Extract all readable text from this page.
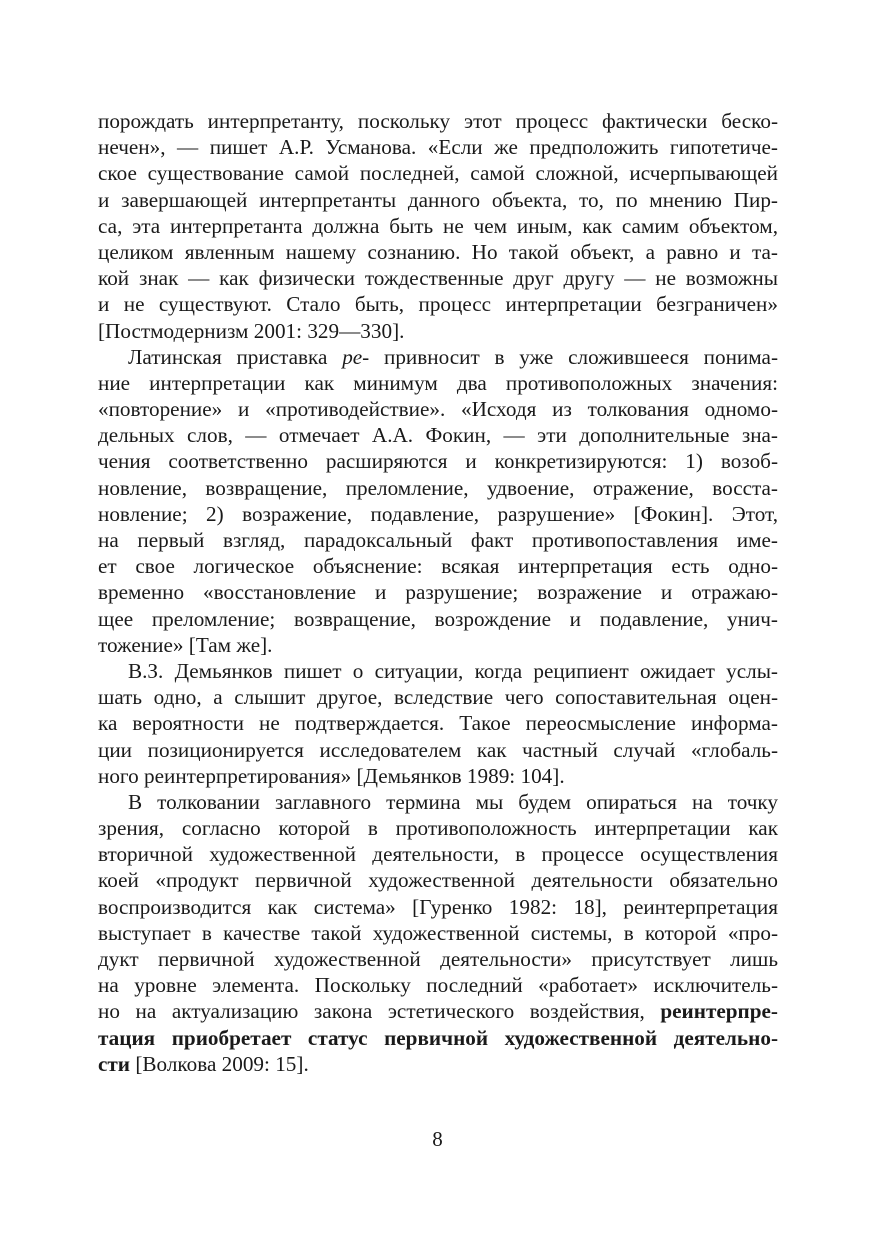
порождать интерпретанту, поскольку этот процесс фактически беско-
нечен», — пишет А.Р. Усманова. «Если же предположить гипотетиче-
ское существование самой последней, самой сложной, исчерпывающей
и завершающей интерпретанты данного объекта, то, по мнению Пир-
са, эта интерпретанта должна быть не чем иным, как самим объектом,
целиком явленным нашему сознанию. Но такой объект, а равно и та-
кой знак — как физически тождественные друг другу — не возможны
и не существуют. Стало быть, процесс интерпретации безграничен»
[Постмодернизм 2001: 329—330].
Латинская приставка ре- привносит в уже сложившееся понима-
ние интерпретации как минимум два противоположных значения:
«повторение» и «противодействие». «Исходя из толкования одномо-
дельных слов, — отмечает А.А. Фокин, — эти дополнительные зна-
чения соответственно расширяются и конкретизируются: 1) возоб-
новление, возвращение, преломление, удвоение, отражение, восста-
новление; 2) возражение, подавление, разрушение» [Фокин]. Этот,
на первый взгляд, парадоксальный факт противопоставления име-
ет свое логическое объяснение: всякая интерпретация есть одно-
временно «восстановление и разрушение; возражение и отражаю-
щее преломление; возвращение, возрождение и подавление, унич-
тожение» [Там же].
В.З. Демьянков пишет о ситуации, когда реципиент ожидает услы-
шать одно, а слышит другое, вследствие чего сопоставительная оцен-
ка вероятности не подтверждается. Такое переосмысление информа-
ции позиционируется исследователем как частный случай «глобаль-
ного реинтерпретирования» [Демьянков 1989: 104].
В толковании заглавного термина мы будем опираться на точку
зрения, согласно которой в противоположность интерпретации как
вторичной художественной деятельности, в процессе осуществления
коей «продукт первичной художественной деятельности обязательно
воспроизводится как система» [Гуренко 1982: 18], реинтерпретация
выступает в качестве такой художественной системы, в которой «про-
дукт первичной художественной деятельности» присутствует лишь
на уровне элемента. Поскольку последний «работает» исключитель-
но на актуализацию закона эстетического воздействия, реинтерпре-
тация приобретает статус первичной художественной деятельно-
сти [Волкова 2009: 15].
8
